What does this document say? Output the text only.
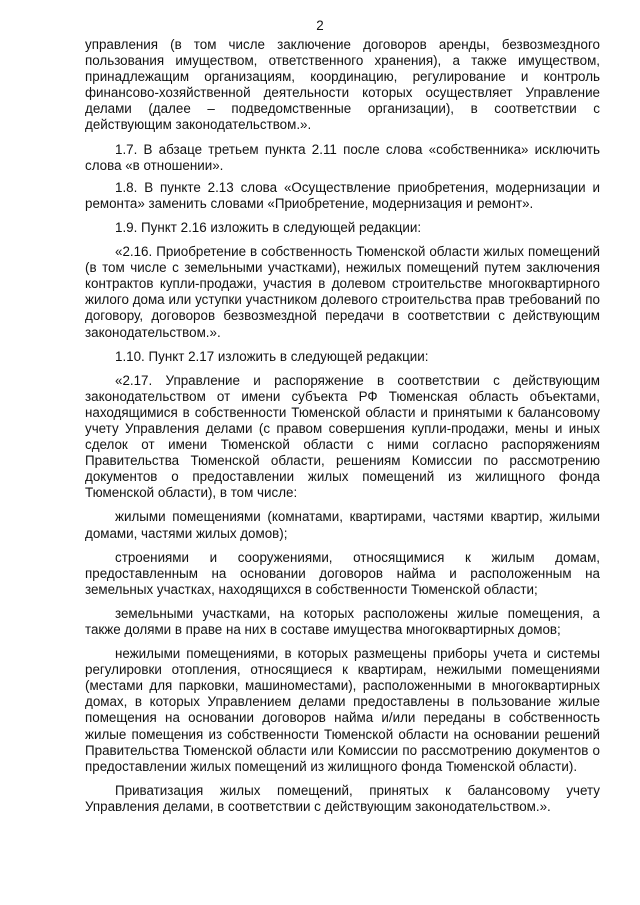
2

управления (в том числе заключение договоров аренды, безвозмездного пользования имуществом, ответственного хранения), а также имуществом, принадлежащим организациям, координацию, регулирование и контроль финансово-хозяйственной деятельности которых осуществляет Управление делами (далее – подведомственные организации), в соответствии с действующим законодательством.».

1.7. В абзаце третьем пункта 2.11 после слова «собственника» исключить слова «в отношении».

1.8. В пункте 2.13 слова «Осуществление приобретения, модернизации и ремонта» заменить словами «Приобретение, модернизация и ремонт».

1.9. Пункт 2.16 изложить в следующей редакции:

«2.16. Приобретение в собственность Тюменской области жилых помещений (в том числе с земельными участками), нежилых помещений путем заключения контрактов купли-продажи, участия в долевом строительстве многоквартирного жилого дома или уступки участником долевого строительства прав требований по договору, договоров безвозмездной передачи в соответствии с действующим законодательством.».

1.10. Пункт 2.17 изложить в следующей редакции:

«2.17. Управление и распоряжение в соответствии с действующим законодательством от имени субъекта РФ Тюменская область объектами, находящимися в собственности Тюменской области и принятыми к балансовому учету Управления делами (с правом совершения купли-продажи, мены и иных сделок от имени Тюменской области с ними согласно распоряжениям Правительства Тюменской области, решениям Комиссии по рассмотрению документов о предоставлении жилых помещений из жилищного фонда Тюменской области), в том числе:

жилыми помещениями (комнатами, квартирами, частями квартир, жилыми домами, частями жилых домов);

строениями и сооружениями, относящимися к жилым домам, предоставленным на основании договоров найма и расположенным на земельных участках, находящихся в собственности Тюменской области;

земельными участками, на которых расположены жилые помещения, а также долями в праве на них в составе имущества многоквартирных домов;

нежилыми помещениями, в которых размещены приборы учета и системы регулировки отопления, относящиеся к квартирам, нежилыми помещениями (местами для парковки, машиноместами), расположенными в многоквартирных домах, в которых Управлением делами предоставлены в пользование жилые помещения на основании договоров найма и/или переданы в собственность жилые помещения из собственности Тюменской области на основании решений Правительства Тюменской области или Комиссии по рассмотрению документов о предоставлении жилых помещений из жилищного фонда Тюменской области).

Приватизация жилых помещений, принятых к балансовому учету Управления делами, в соответствии с действующим законодательством.».
